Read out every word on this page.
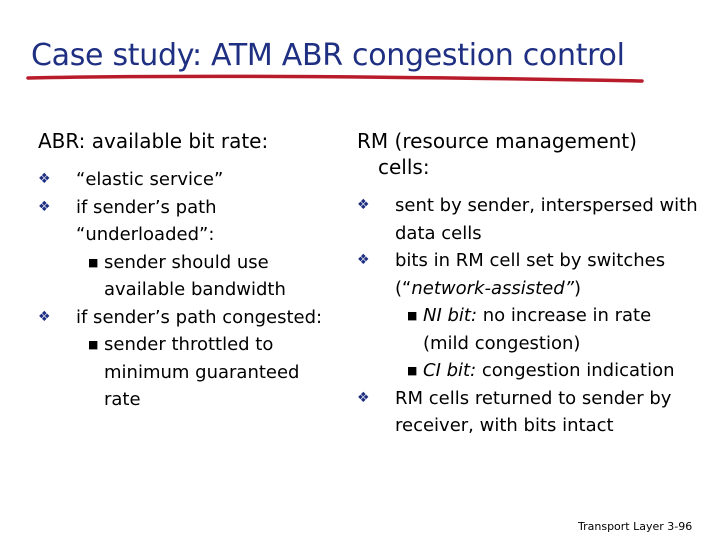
Case study: ATM ABR congestion control
ABR: available bit rate:
❖	“elastic service”
❖	if sender’s path “underloaded”:
■ sender should use available bandwidth
❖	if sender’s path congested:
■ sender throttled to minimum guaranteed rate
RM (resource management)
cells:
❖	sent by sender, interspersed with data cells
❖	bits in RM cell set by switches (“network-assisted”)
■ NI bit: no increase in rate (mild congestion)
■ CI bit: congestion indication
❖	RM cells returned to sender by receiver, with bits intact
Transport Layer 3-96
